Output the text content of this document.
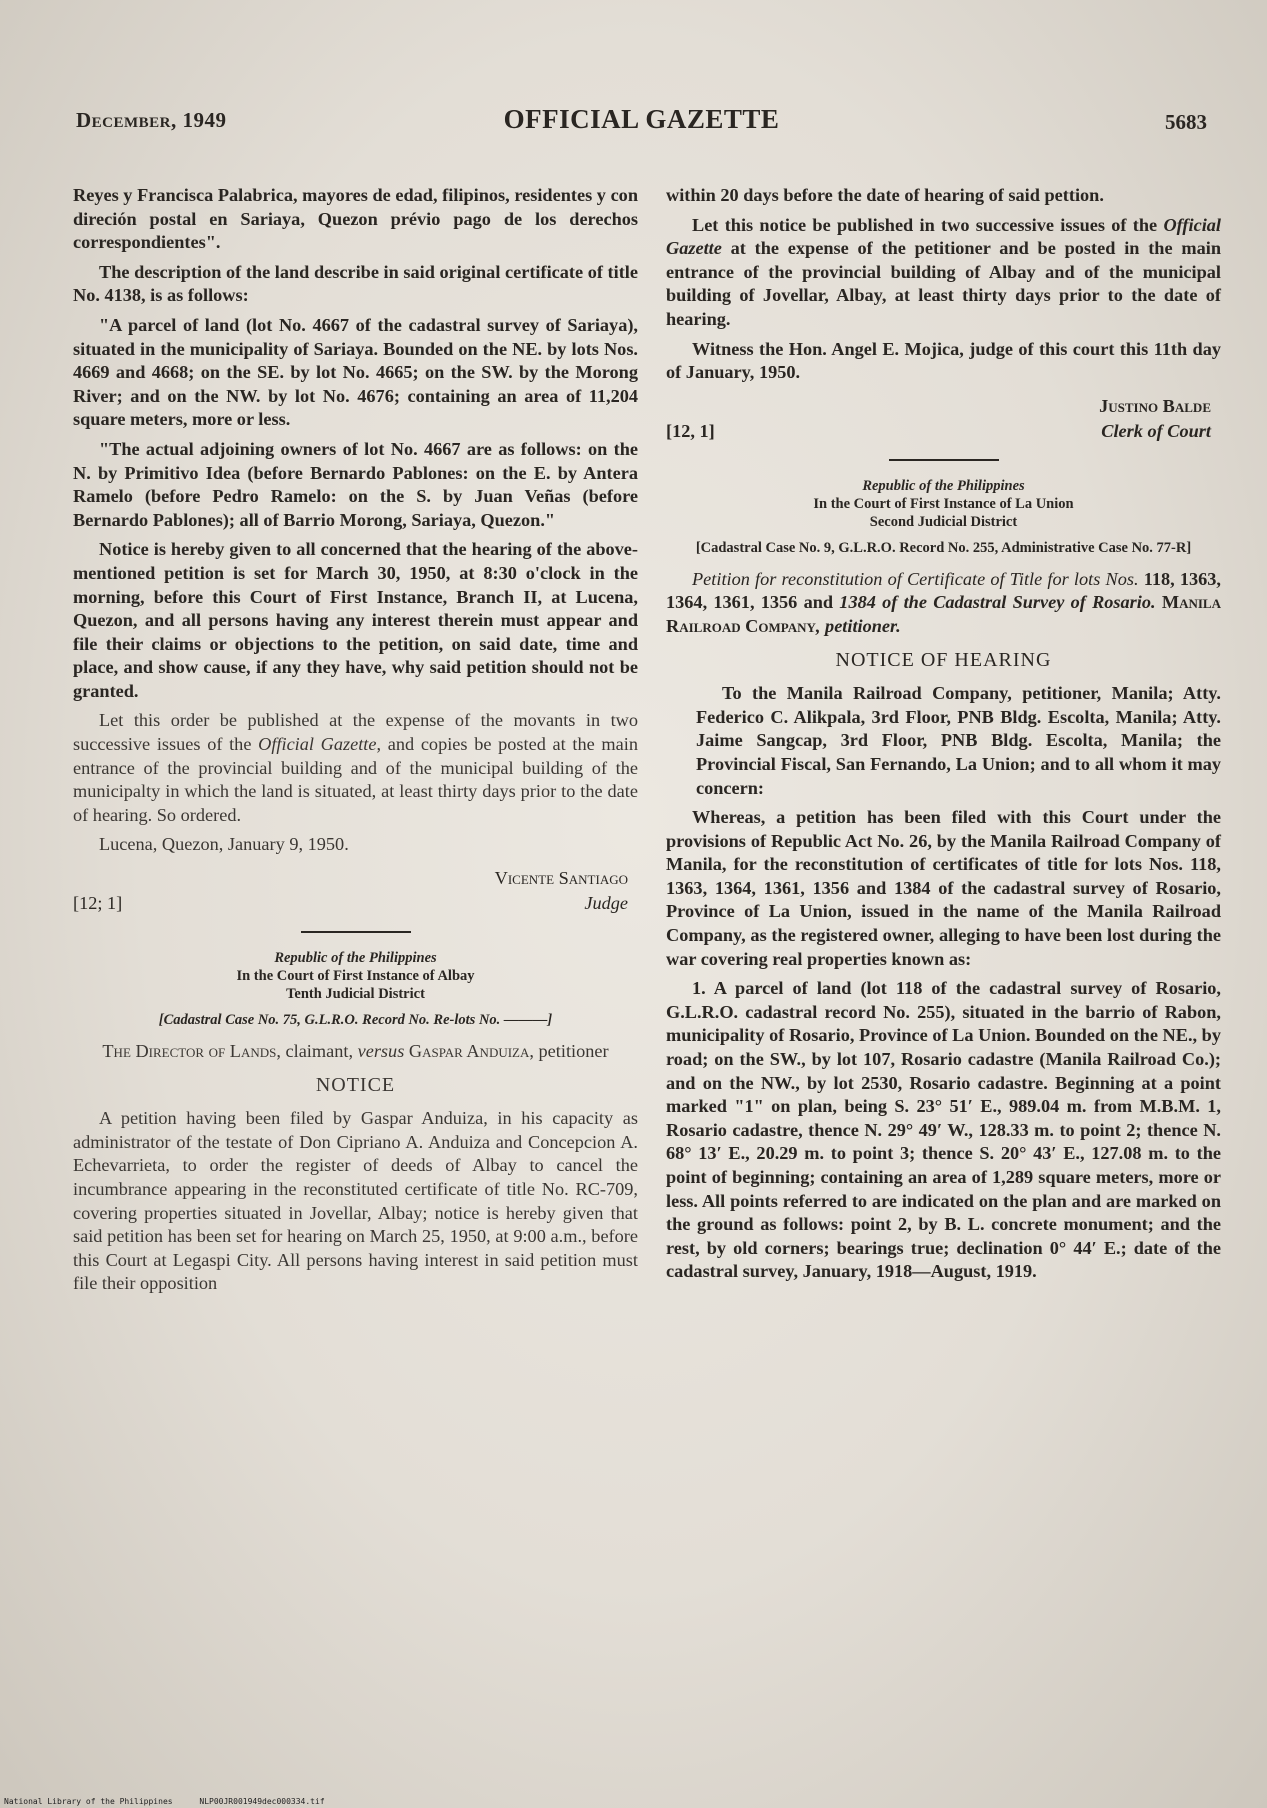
December, 1949	OFFICIAL GAZETTE	5683

Reyes y Francisca Palabrica, mayores de edad, filipinos, residentes y con direción postal en Sariaya, Quezon prévio pago de los derechos correspondientes".

The description of the land describe in said original certificate of title No. 4138, is as follows:

"A parcel of land (lot No. 4667 of the cadastral survey of Sariaya), situated in the municipality of Sariaya. Bounded on the NE. by lots Nos. 4669 and 4668; on the SE. by lot No. 4665; on the SW. by the Morong River; and on the NW. by lot No. 4676; containing an area of 11,204 square meters, more or less.

"The actual adjoining owners of lot No. 4667 are as follows: on the N. by Primitivo Idea (before Bernardo Pablones: on the E. by Antera Ramelo (before Pedro Ramelo: on the S. by Juan Veñas (before Bernardo Pablones); all of Barrio Morong, Sariaya, Quezon."

Notice is hereby given to all concerned that the hearing of the above-mentioned petition is set for March 30, 1950, at 8:30 o'clock in the morning, before this Court of First Instance, Branch II, at Lucena, Quezon, and all persons having any interest therein must appear and file their claims or objections to the petition, on said date, time and place, and show cause, if any they have, why said petition should not be granted.

Let this order be published at the expense of the movants in two successive issues of the Official Gazette, and copies be posted at the main entrance of the provincial building and of the municipal building of the municipalty in which the land is situated, at least thirty days prior to the date of hearing. So ordered.

Lucena, Quezon, January 9, 1950.

Vicente Santiago
Judge
[12; 1]
Republic of the Philippines
In the Court of First Instance of Albay
Tenth Judicial District
[Cadastral Case No. 75, G.L.R.O. Record No. Re-lots No. ———]

The Director of Lands, claimant, versus Gaspar Anduiza, petitioner

NOTICE

A petition having been filed by Gaspar Anduiza, in his capacity as administrator of the testate of Don Cipriano A. Anduiza and Concepcion A. Echevarrieta, to order the register of deeds of Albay to cancel the incumbrance appearing in the reconstituted certificate of title No. RC-709, covering properties situated in Jovellar, Albay; notice is hereby given that said petition has been set for hearing on March 25, 1950, at 9:00 a.m., before this Court at Legaspi City. All persons having interest in said petition must file their opposition

within 20 days before the date of hearing of said pettion.

Let this notice be published in two successive issues of the Official Gazette at the expense of the petitioner and be posted in the main entrance of the provincial building of Albay and of the municipal building of Jovellar, Albay, at least thirty days prior to the date of hearing.

Witness the Hon. Angel E. Mojica, judge of this court this 11th day of January, 1950.

Justino Balde
Clerk of Court
[12, 1]
Republic of the Philippines
In the Court of First Instance of La Union
Second Judicial District
[Cadastral Case No. 9, G.L.R.O. Record No. 255, Administrative Case No. 77-R]

Petition for reconstitution of Certificate of Title for lots Nos. 118, 1363, 1364, 1361, 1356 and 1384 of the Cadastral Survey of Rosario. Manila Railroad Company, petitioner.

NOTICE OF HEARING

To the Manila Railroad Company, petitioner, Manila; Atty. Federico C. Alikpala, 3rd Floor, PNB Bldg. Escolta, Manila; Atty. Jaime Sangcap, 3rd Floor, PNB Bldg. Escolta, Manila; the Provincial Fiscal, San Fernando, La Union; and to all whom it may concern:

Whereas, a petition has been filed with this Court under the provisions of Republic Act No. 26, by the Manila Railroad Company of Manila, for the reconstitution of certificates of title for lots Nos. 118, 1363, 1364, 1361, 1356 and 1384 of the cadastral survey of Rosario, Province of La Union, issued in the name of the Manila Railroad Company, as the registered owner, alleging to have been lost during the war covering real properties known as:

1. A parcel of land (lot 118 of the cadastral survey of Rosario, G.L.R.O. cadastral record No. 255), situated in the barrio of Rabon, municipality of Rosario, Province of La Union. Bounded on the NE., by road; on the SW., by lot 107, Rosario cadastre (Manila Railroad Co.); and on the NW., by lot 2530, Rosario cadastre. Beginning at a point marked "1" on plan, being S. 23° 51′ E., 989.04 m. from M.B.M. 1, Rosario cadastre, thence N. 29° 49′ W., 128.33 m. to point 2; thence N. 68° 13′ E., 20.29 m. to point 3; thence S. 20° 43′ E., 127.08 m. to the point of beginning; containing an area of 1,289 square meters, more or less. All points referred to are indicated on the plan and are marked on the ground as follows: point 2, by B. L. concrete monument; and the rest, by old corners; bearings true; declination 0° 44′ E.; date of the cadastral survey, January, 1918—August, 1919.

National Library of the Philippines	NLP00JR001949dec000334.tif
